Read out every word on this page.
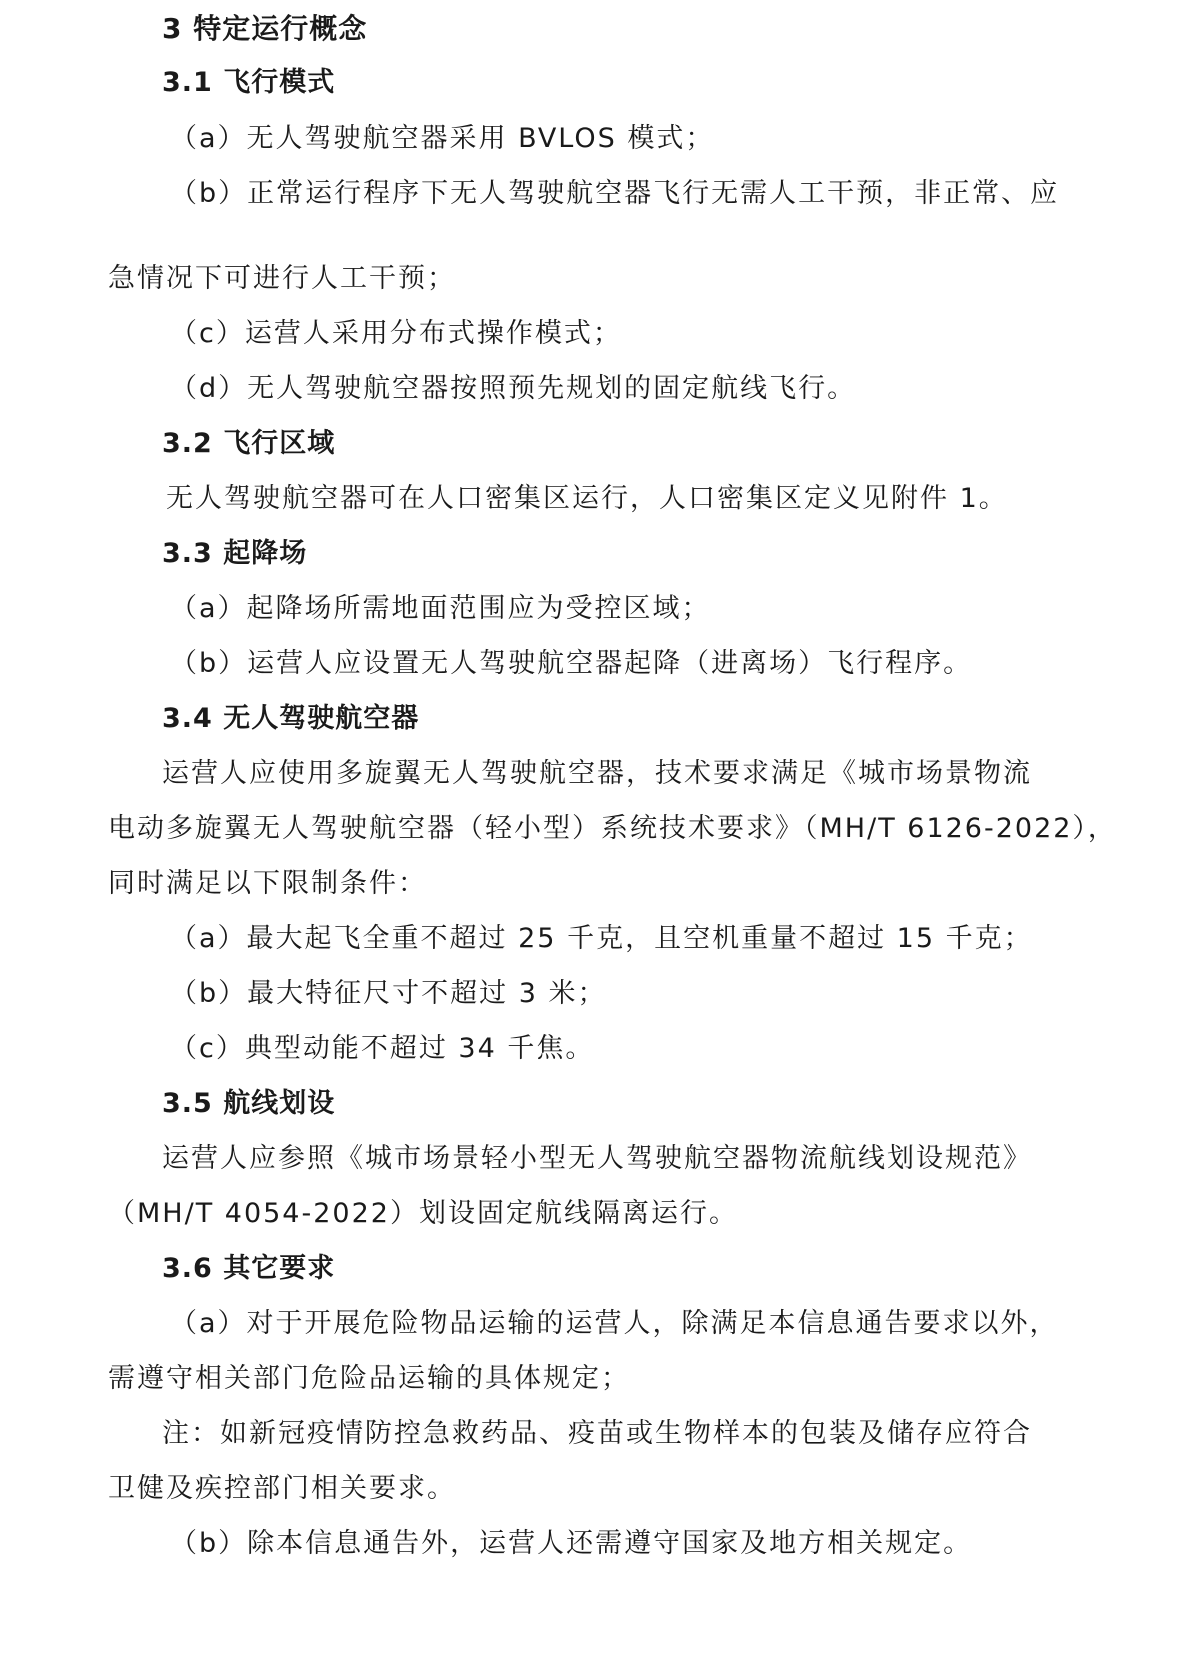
3 特定运行概念
3.1 飞行模式
（a）无人驾驶航空器采用 BVLOS 模式；
（b）正常运行程序下无人驾驶航空器飞行无需人工干预，非正常、应
急情况下可进行人工干预；
（c）运营人采用分布式操作模式；
（d）无人驾驶航空器按照预先规划的固定航线飞行。
3.2 飞行区域
无人驾驶航空器可在人口密集区运行，人口密集区定义见附件 1。
3.3 起降场
（a）起降场所需地面范围应为受控区域；
（b）运营人应设置无人驾驶航空器起降（进离场）飞行程序。
3.4 无人驾驶航空器
运营人应使用多旋翼无人驾驶航空器，技术要求满足《城市场景物流
电动多旋翼无人驾驶航空器（轻小型）系统技术要求》（MH/T 6126-2022），
同时满足以下限制条件：
（a）最大起飞全重不超过 25 千克，且空机重量不超过 15 千克；
（b）最大特征尺寸不超过 3 米；
（c）典型动能不超过 34 千焦。
3.5 航线划设
运营人应参照《城市场景轻小型无人驾驶航空器物流航线划设规范》
（MH/T 4054-2022）划设固定航线隔离运行。
3.6 其它要求
（a）对于开展危险物品运输的运营人，除满足本信息通告要求以外，
需遵守相关部门危险品运输的具体规定；
注：如新冠疫情防控急救药品、疫苗或生物样本的包装及储存应符合
卫健及疾控部门相关要求。
（b）除本信息通告外，运营人还需遵守国家及地方相关规定。
